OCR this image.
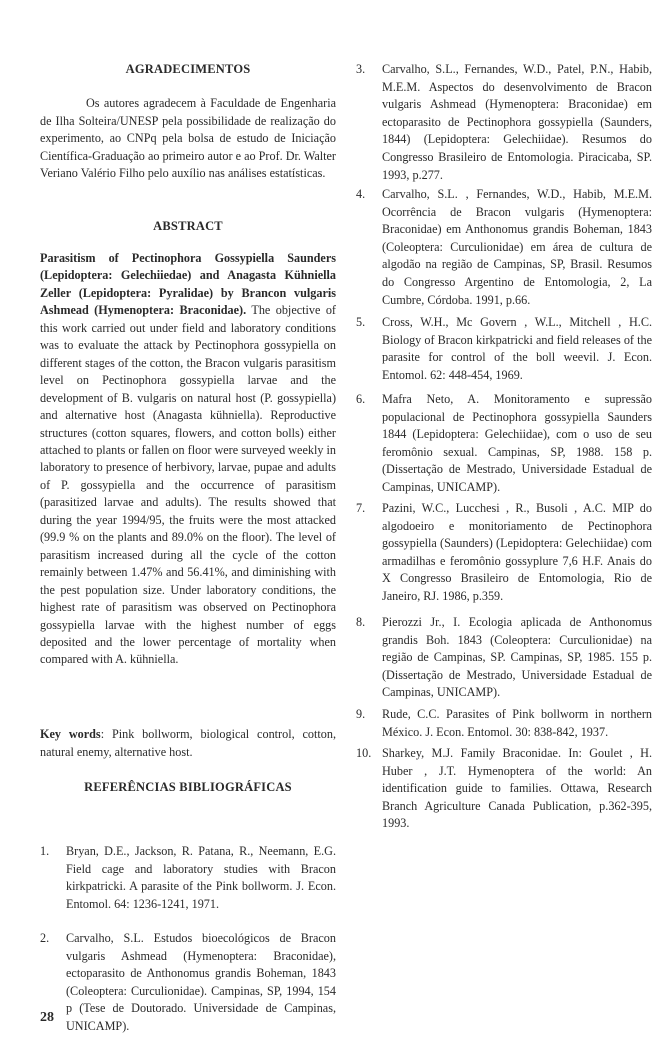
AGRADECIMENTOS

Os autores agradecem à Faculdade de Engenharia de Ilha Solteira/UNESP pela possibilidade de realização do experimento, ao CNPq pela bolsa de estudo de Iniciação Científica-Graduação ao primeiro autor e ao Prof. Dr. Walter Veriano Valério Filho pelo auxílio nas análises estatísticas.

ABSTRACT

Parasitism of Pectinophora Gossypiella Saunders (Lepidoptera: Gelechiiedae) and Anagasta Kühniella Zeller (Lepidoptera: Pyralidae) by Brancon vulgaris Ashmead (Hymenoptera: Braconidae). The objective of this work carried out under field and laboratory conditions was to evaluate the attack by Pectinophora gossypiella on different stages of the cotton, the Bracon vulgaris parasitism level on Pectinophora gossypiella larvae and the development of B. vulgaris on natural host (P. gossypiella) and alternative host (Anagasta kühniella). Reproductive structures (cotton squares, flowers, and cotton bolls) either attached to plants or fallen on floor were surveyed weekly in laboratory to presence of herbivory, larvae, pupae and adults of P. gossypiella and the occurrence of parasitism (parasitized larvae and adults). The results showed that during the year 1994/95, the fruits were the most attacked (99.9 % on the plants and 89.0% on the floor). The level of parasitism increased during all the cycle of the cotton remainly between 1.47% and 56.41%, and diminishing with the pest population size. Under laboratory conditions, the highest rate of parasitism was observed on Pectinophora gossypiella larvae with the highest number of eggs deposited and the lower percentage of mortality when compared with A. kühniella.

Key words: Pink bollworm, biological control, cotton, natural enemy, alternative host.

REFERÊNCIAS BIBLIOGRÁFICAS
1.	Bryan, D.E., Jackson, R. Patana, R., Neemann, E.G. Field cage and laboratory studies with Bracon kirkpatricki. A parasite of the Pink bollworm. J. Econ. Entomol. 64: 1236-1241, 1971.

2.	Carvalho, S.L. Estudos bioecológicos de Bracon vulgaris Ashmead (Hymenoptera: Braconidae), ectoparasito de Anthonomus grandis Boheman, 1843 (Coleoptera: Curculionidae). Campinas, SP, 1994, 154 p (Tese de Doutorado. Universidade de Campinas, UNICAMP).

3.	Carvalho, S.L., Fernandes, W.D., Patel, P.N., Habib, M.E.M. Aspectos do desenvolvimento de Bracon vulgaris Ashmead (Hymenoptera: Braconidae) em ectoparasito de Pectinophora gossypiella (Saunders, 1844) (Lepidoptera: Gelechiidae). Resumos do Congresso Brasileiro de Entomologia. Piracicaba, SP. 1993, p.277.

4.	Carvalho, S.L. , Fernandes, W.D., Habib, M.E.M. Ocorrência de Bracon vulgaris (Hymenoptera: Braconidae) em Anthonomus grandis Boheman, 1843 (Coleoptera: Curculionidae) em área de cultura de algodão na região de Campinas, SP, Brasil. Resumos do Congresso Argentino de Entomologia, 2, La Cumbre, Córdoba. 1991, p.66.

5.	Cross, W.H., Mc Govern , W.L., Mitchell , H.C. Biology of Bracon kirkpatricki and field releases of the parasite for control of the boll weevil. J. Econ. Entomol. 62: 448-454, 1969.

6.	Mafra Neto, A. Monitoramento e supressão populacional de Pectinophora gossypiella Saunders 1844 (Lepidoptera: Gelechiidae), com o uso de seu feromônio sexual. Campinas, SP, 1988. 158 p. (Dissertação de Mestrado, Universidade Estadual de Campinas, UNICAMP).

7.	Pazini, W.C., Lucchesi , R., Busoli , A.C. MIP do algodoeiro e monitoriamento de Pectinophora gossypiella (Saunders) (Lepidoptera: Gelechiidae) com armadilhas e feromônio gossyplure 7,6 H.F. Anais do X Congresso Brasileiro de Entomologia, Rio de Janeiro, RJ. 1986, p.359.

8.	Pierozzi Jr., I. Ecologia aplicada de Anthonomus grandis Boh. 1843 (Coleoptera: Curculionidae) na região de Campinas, SP. Campinas, SP, 1985. 155 p. (Dissertação de Mestrado, Universidade Estadual de Campinas, UNICAMP).

9.	Rude, C.C. Parasites of Pink bollworm in northern México. J. Econ. Entomol. 30: 838-842, 1937.

10. Sharkey, M.J. Family Braconidae. In: Goulet , H. Huber , J.T. Hymenoptera of the world: An identification guide to families. Ottawa, Research Branch Agriculture Canada Publication, p.362-395, 1993.

28
